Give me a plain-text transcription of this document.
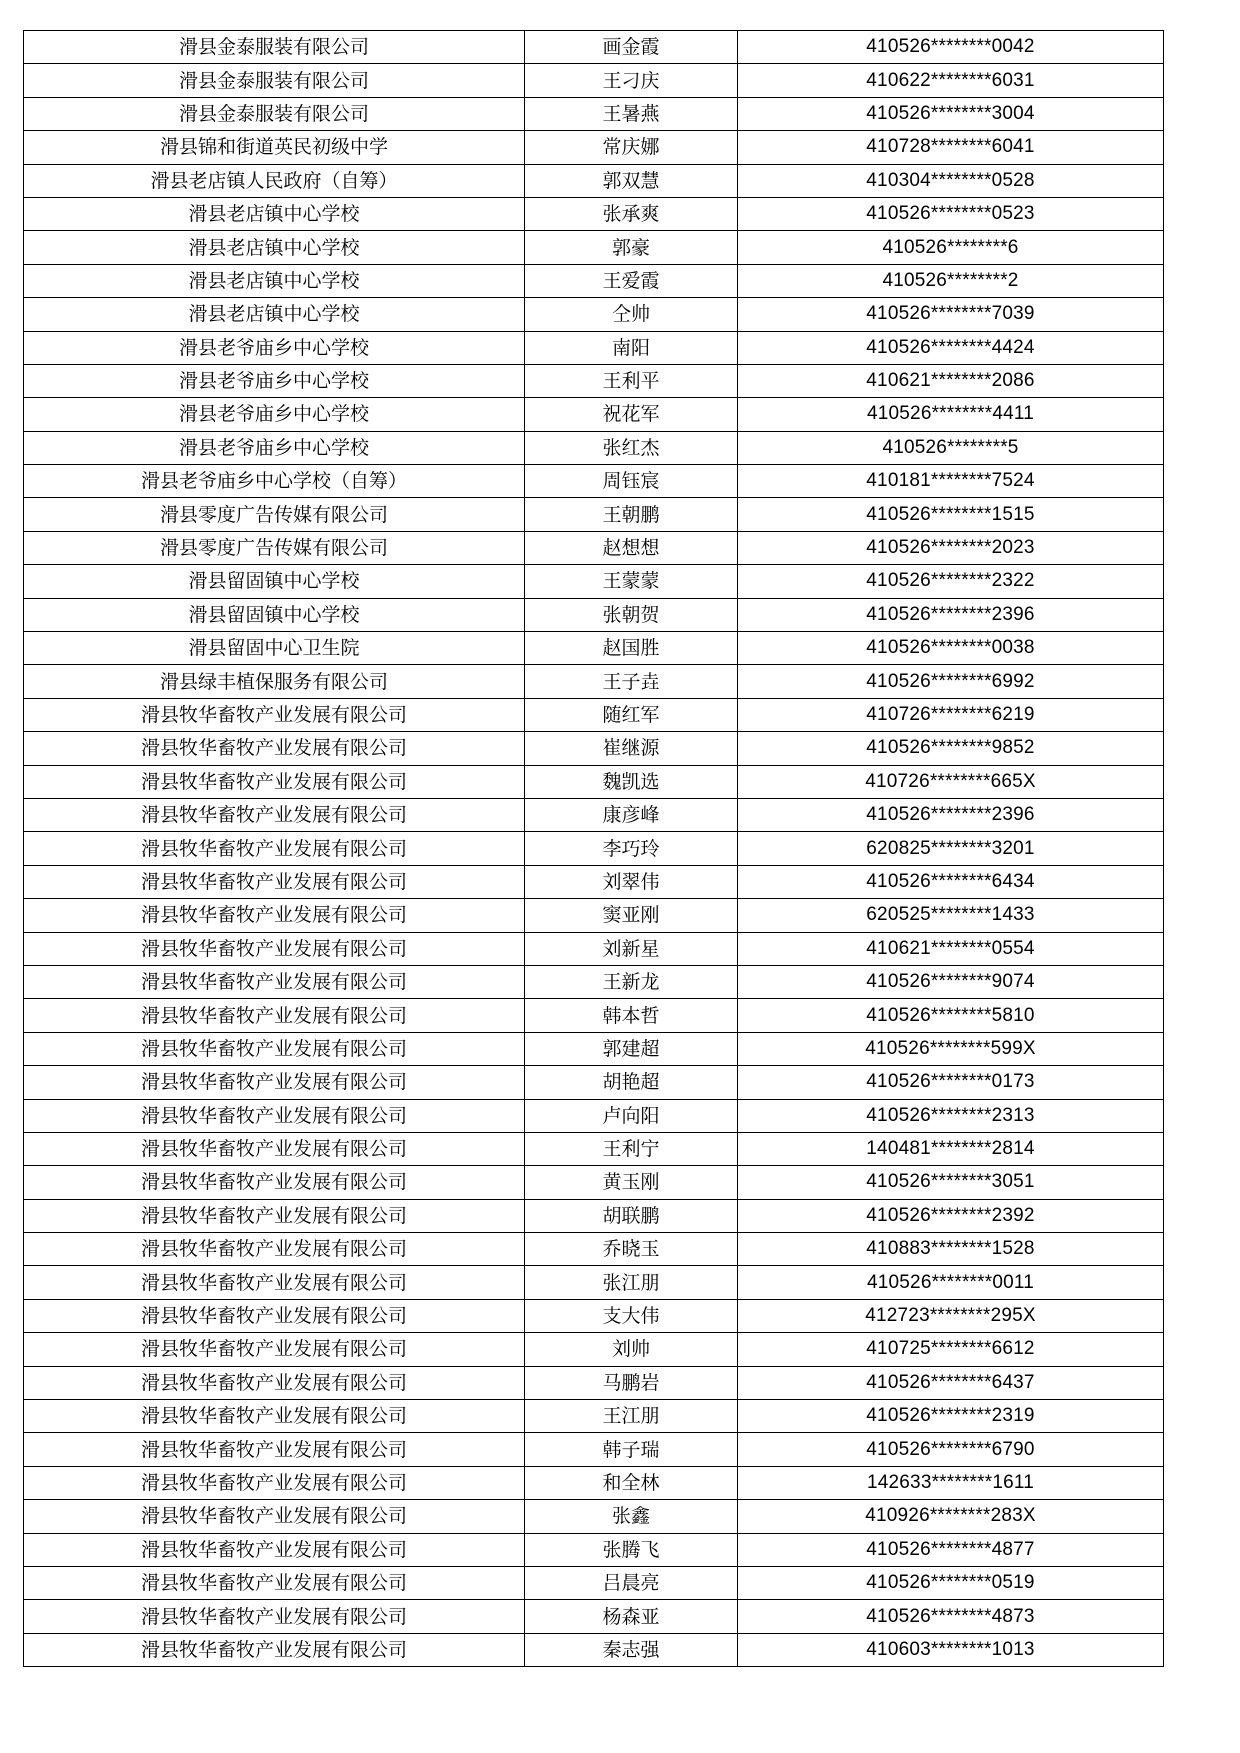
滑县金泰服装有限公司	画金霞	410526********0042
滑县金泰服装有限公司	王刁庆	410622********6031
滑县金泰服装有限公司	王暑燕	410526********3004
滑县锦和街道英民初级中学	常庆娜	410728********6041
滑县老店镇人民政府（自筹）	郭双慧	410304********0528
滑县老店镇中心学校	张承爽	410526********0523
滑县老店镇中心学校	郭豪	410526********6
滑县老店镇中心学校	王爱霞	410526********2
滑县老店镇中心学校	仝帅	410526********7039
滑县老爷庙乡中心学校	南阳	410526********4424
滑县老爷庙乡中心学校	王利平	410621********2086
滑县老爷庙乡中心学校	祝花军	410526********4411
滑县老爷庙乡中心学校	张红杰	410526********5
滑县老爷庙乡中心学校（自筹）	周钰宸	410181********7524
滑县零度广告传媒有限公司	王朝鹏	410526********1515
滑县零度广告传媒有限公司	赵想想	410526********2023
滑县留固镇中心学校	王蒙蒙	410526********2322
滑县留固镇中心学校	张朝贺	410526********2396
滑县留固中心卫生院	赵国胜	410526********0038
滑县绿丰植保服务有限公司	王子垚	410526********6992
滑县牧华畜牧产业发展有限公司	随红军	410726********6219
滑县牧华畜牧产业发展有限公司	崔继源	410526********9852
滑县牧华畜牧产业发展有限公司	魏凯选	410726********665X
滑县牧华畜牧产业发展有限公司	康彦峰	410526********2396
滑县牧华畜牧产业发展有限公司	李巧玲	620825********3201
滑县牧华畜牧产业发展有限公司	刘翠伟	410526********6434
滑县牧华畜牧产业发展有限公司	窦亚刚	620525********1433
滑县牧华畜牧产业发展有限公司	刘新星	410621********0554
滑县牧华畜牧产业发展有限公司	王新龙	410526********9074
滑县牧华畜牧产业发展有限公司	韩本哲	410526********5810
滑县牧华畜牧产业发展有限公司	郭建超	410526********599X
滑县牧华畜牧产业发展有限公司	胡艳超	410526********0173
滑县牧华畜牧产业发展有限公司	卢向阳	410526********2313
滑县牧华畜牧产业发展有限公司	王利宁	140481********2814
滑县牧华畜牧产业发展有限公司	黄玉刚	410526********3051
滑县牧华畜牧产业发展有限公司	胡联鹏	410526********2392
滑县牧华畜牧产业发展有限公司	乔晓玉	410883********1528
滑县牧华畜牧产业发展有限公司	张江朋	410526********0011
滑县牧华畜牧产业发展有限公司	支大伟	412723********295X
滑县牧华畜牧产业发展有限公司	刘帅	410725********6612
滑县牧华畜牧产业发展有限公司	马鹏岩	410526********6437
滑县牧华畜牧产业发展有限公司	王江朋	410526********2319
滑县牧华畜牧产业发展有限公司	韩子瑞	410526********6790
滑县牧华畜牧产业发展有限公司	和全林	142633********1611
滑县牧华畜牧产业发展有限公司	张鑫	410926********283X
滑县牧华畜牧产业发展有限公司	张腾飞	410526********4877
滑县牧华畜牧产业发展有限公司	吕晨亮	410526********0519
滑县牧华畜牧产业发展有限公司	杨森亚	410526********4873
滑县牧华畜牧产业发展有限公司	秦志强	410603********1013
